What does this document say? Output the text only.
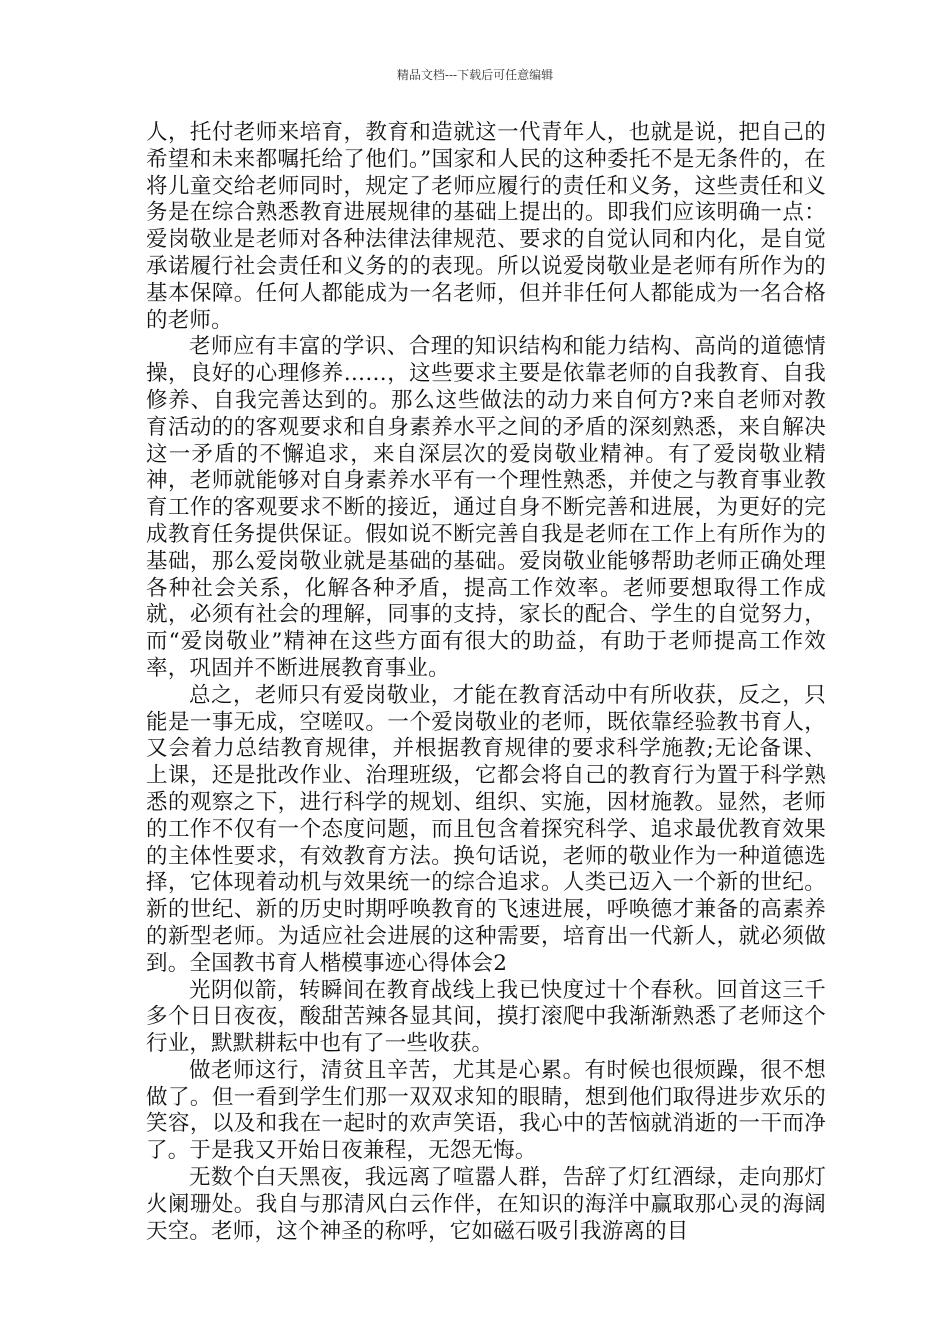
精品文档---下载后可任意编辑

人，托付老师来培育，教育和造就这一代青年人，也就是说，把自己的希望和未来都嘱托给了他们。”国家和人民的这种委托不是无条件的，在将儿童交给老师同时，规定了老师应履行的责任和义务，这些责任和义务是在综合熟悉教育进展规律的基础上提出的。即我们应该明确一点：爱岗敬业是老师对各种法律法律规范、要求的自觉认同和内化，是自觉承诺履行社会责任和义务的的表现。所以说爱岗敬业是老师有所作为的基本保障。任何人都能成为一名老师，但并非任何人都能成为一名合格的老师。

老师应有丰富的学识、合理的知识结构和能力结构、高尚的道德情操，良好的心理修养……，这些要求主要是依靠老师的自我教育、自我修养、自我完善达到的。那么这些做法的动力来自何方?来自老师对教育活动的的客观要求和自身素养水平之间的矛盾的深刻熟悉，来自解决这一矛盾的不懈追求，来自深层次的爱岗敬业精神。有了爱岗敬业精神，老师就能够对自身素养水平有一个理性熟悉，并使之与教育事业教育工作的客观要求不断的接近，通过自身不断完善和进展，为更好的完成教育任务提供保证。假如说不断完善自我是老师在工作上有所作为的基础，那么爱岗敬业就是基础的基础。爱岗敬业能够帮助老师正确处理各种社会关系，化解各种矛盾，提高工作效率。老师要想取得工作成就，必须有社会的理解，同事的支持，家长的配合、学生的自觉努力，而“爱岗敬业”精神在这些方面有很大的助益，有助于老师提高工作效率，巩固并不断进展教育事业。

总之，老师只有爱岗敬业，才能在教育活动中有所收获，反之，只能是一事无成，空嗟叹。一个爱岗敬业的老师，既依靠经验教书育人，又会着力总结教育规律，并根据教育规律的要求科学施教;无论备课、上课，还是批改作业、治理班级，它都会将自己的教育行为置于科学熟悉的观察之下，进行科学的规划、组织、实施，因材施教。显然，老师的工作不仅有一个态度问题，而且包含着探究科学、追求最优教育效果的主体性要求，有效教育方法。换句话说，老师的敬业作为一种道德选择，它体现着动机与效果统一的综合追求。人类已迈入一个新的世纪。新的世纪、新的历史时期呼唤教育的飞速进展，呼唤德才兼备的高素养的新型老师。为适应社会进展的这种需要，培育出一代新人，就必须做到。全国教书育人楷模事迹心得体会2

光阴似箭，转瞬间在教育战线上我已快度过十个春秋。回首这三千多个日日夜夜，酸甜苦辣各显其间，摸打滚爬中我渐渐熟悉了老师这个行业，默默耕耘中也有了一些收获。

做老师这行，清贫且辛苦，尤其是心累。有时候也很烦躁，很不想做了。但一看到学生们那一双双求知的眼睛，想到他们取得进步欢乐的笑容，以及和我在一起时的欢声笑语，我心中的苦恼就消逝的一干而净了。于是我又开始日夜兼程，无怨无悔。

无数个白天黑夜，我远离了喧嚣人群，告辞了灯红酒绿，走向那灯火阑珊处。我自与那清风白云作伴，在知识的海洋中赢取那心灵的海阔天空。老师，这个神圣的称呼，它如磁石吸引我游离的目
